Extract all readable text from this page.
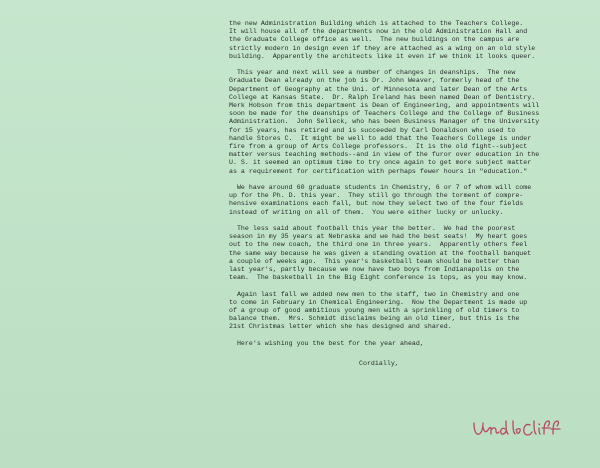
the new Administration Building which is attached to the Teachers College.
It will house all of the departments now in the old Administration Hall and
the Graduate College office as well.  The new buildings on the campus are
strictly modern in design even if they are attached as a wing on an old style
building.  Apparently the architects like it even if we think it looks queer.

This year and next will see a number of changes in deanships.  The new
Graduate Dean already on the job is Dr. John Weaver, formerly head of the
Department of Geography at the Uni. of Minnesota and later Dean of the Arts
College at Kansas State.  Dr. Ralph Ireland has been named Dean of Dentistry.
Merk Hobson from this department is Dean of Engineering, and appointments will
soon be made for the deanships of Teachers College and the College of Business
Administration.  John Selleck, who has been Business Manager of the University
for 15 years, has retired and is succeeded by Carl Donaldson who used to
handle Stores C.  It might be well to add that the Teachers College is under
fire from a group of Arts College professors.  It is the old fight--subject
matter versus teaching methods--and in view of the furor over education in the
U. S. it seemed an optimum time to try once again to get more subject matter
as a requirement for certification with perhaps fewer hours in "education."

We have around 60 graduate students in Chemistry, 6 or 7 of whom will come
up for the Ph. D. this year.  They still go through the torment of compre-
hensive examinations each fall, but now they select two of the four fields
instead of writing on all of them.  You were either lucky or unlucky.

The less said about football this year the better.  We had the poorest
season in my 35 years at Nebraska and we had the best seats!  My heart goes
out to the new coach, the third one in three years.  Apparently others feel
the same way because he was given a standing ovation at the football banquet
a couple of weeks ago.  This year's basketball team should be better than
last year's, partly because we now have two boys from Indianapolis on the
team.  The basketball in the Big Eight conference is tops, as you may know.

Again last fall we added new men to the staff, two in Chemistry and one
to come in February in Chemical Engineering.  Now the Department is made up
of a group of good ambitious young men with a sprinkling of old timers to
balance them.  Mrs. Schmidt disclaims being an old timer, but this is the
21st Christmas letter which she has designed and shared.

Here's wishing you the best for the year ahead,
Cordially,
